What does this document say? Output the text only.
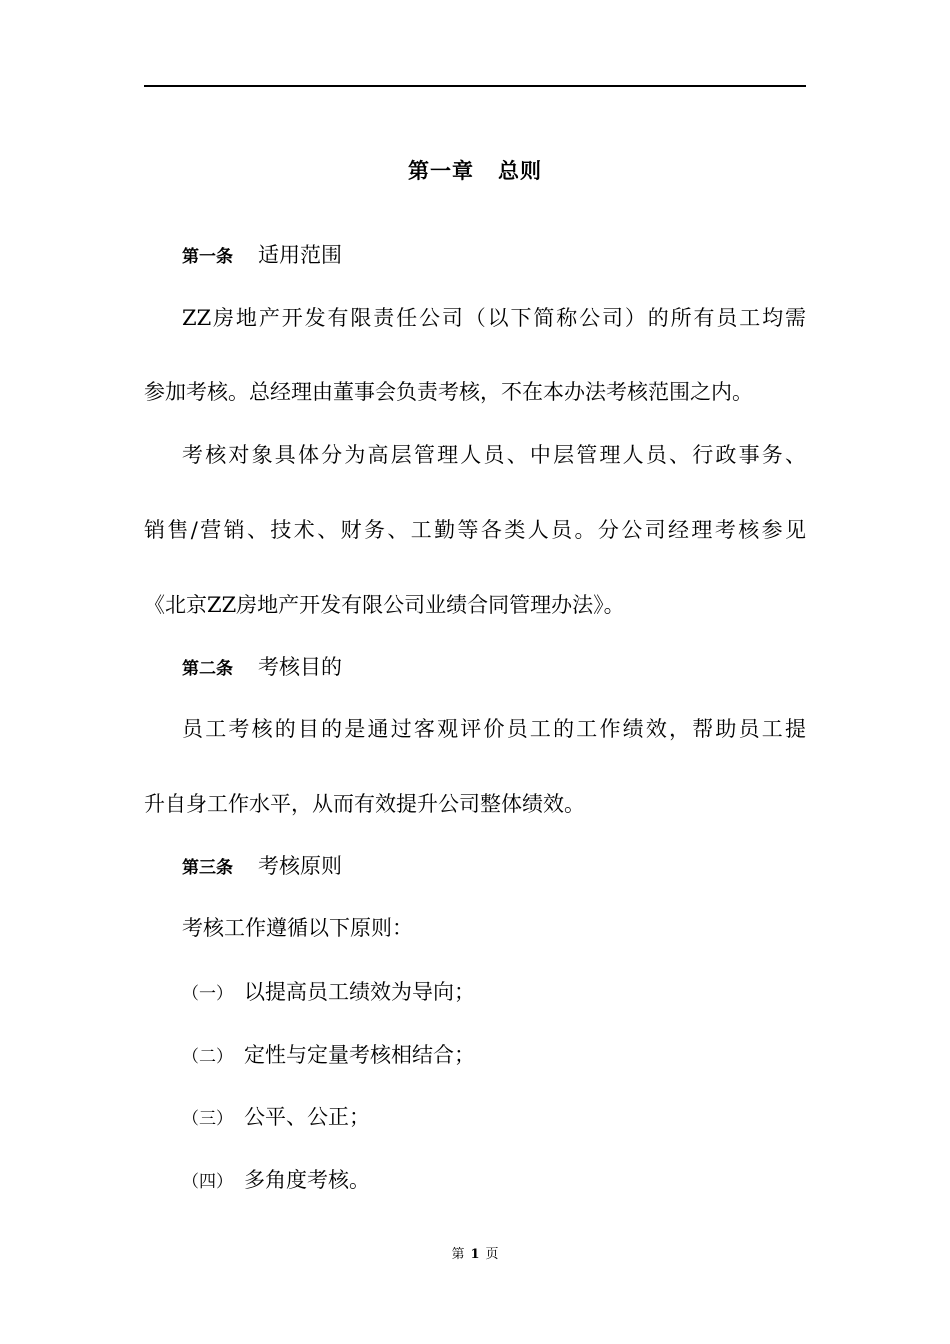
第一章 总则
第一条 适用范围
ZZ房地产开发有限责任公司（以下简称公司）的所有员工均需
参加考核。总经理由董事会负责考核，不在本办法考核范围之内。
考核对象具体分为高层管理人员、中层管理人员、行政事务、
销售/营销、技术、财务、工勤等各类人员。分公司经理考核参见
《北京ZZ房地产开发有限公司业绩合同管理办法》。
第二条 考核目的
员工考核的目的是通过客观评价员工的工作绩效，帮助员工提
升自身工作水平，从而有效提升公司整体绩效。
第三条 考核原则
考核工作遵循以下原则：
（一） 以提高员工绩效为导向；
（二） 定性与定量考核相结合；
（三） 公平、公正；
（四） 多角度考核。
第 1 页
